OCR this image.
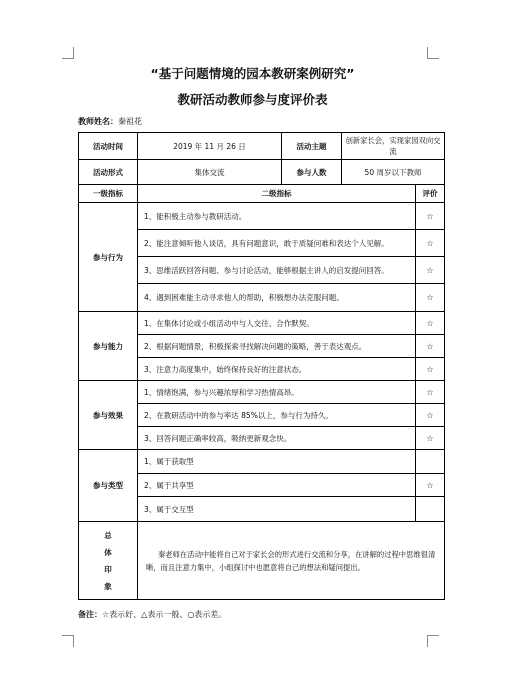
“基于问题情境的园本教研案例研究”
教研活动教师参与度评价表
教师姓名：秦祖花
活动时间	2019 年 11 月 26 日	活动主题	创新家长会，实现家园双向交流	
活动形式	集体交流	参与人数	50 周岁以下教师	
一级指标	二级指标			评价
参与行为	1、能积极主动参与教研活动。			☆
	2、能注意倾听他人谈话，具有问题意识，敢于质疑问难和表达个人见解。			☆
	3、思维活跃回答问题、参与讨论活动，能够根据主讲人的启发提问回答。			☆
	4、遇到困难能主动寻求他人的帮助，积极想办法克服问题。			☆
参与能力	1、在集体讨论或小组活动中与人交往、合作默契。			☆
	2、根据问题情景，积极探索寻找解决问题的策略，善于表达观点。			☆
	3、注意力高度集中，始终保持良好的注意状态。			☆
参与效果	1、情绪饱满，参与兴趣浓厚和学习热情高昂。			☆
	2、在教研活动中的参与率达 85%以上，参与行为持久。			☆
	3、回答问题正确率较高，吸纳更新观念快。			☆
参与类型	1、属于获取型			
	2、属于共享型			☆
	3、属于交互型			
总体印象	秦老师在活动中能将自己对于家长会的形式进行交流和分享，在讲解的过程中思维很清晰，而且注意力集中，小组探讨中也愿意将自己的想法和疑问提出。			
备注：☆表示好、△表示一般、○表示差。
